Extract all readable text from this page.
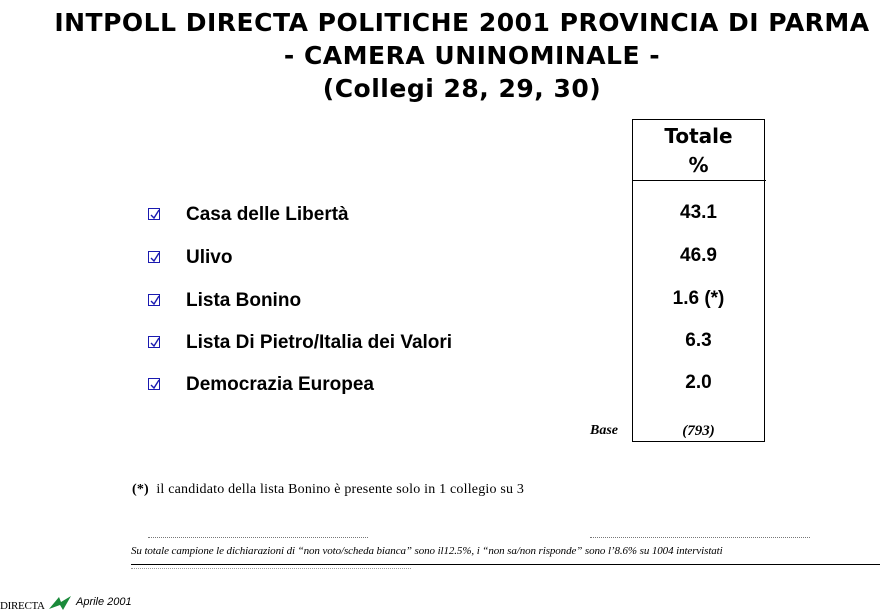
INTPOLL DIRECTA POLITICHE 2001 PROVINCIA DI PARMA
- CAMERA UNINOMINALE -
(Collegi 28, 29, 30)
Totale
%
Casa delle Libertà	43.1
Ulivo	46.9
Lista Bonino	1.6 (*)
Lista Di Pietro/Italia dei Valori	6.3
Democrazia Europea	2.0
Base	(793)
(*) il candidato della lista Bonino è presente solo in 1 collegio su 3
Su totale campione le dichiarazioni di “non voto/scheda bianca” sono il12.5%, i “non sa/non risponde” sono l’8.6% su 1004 intervistati
DIRECTA	Aprile 2001
